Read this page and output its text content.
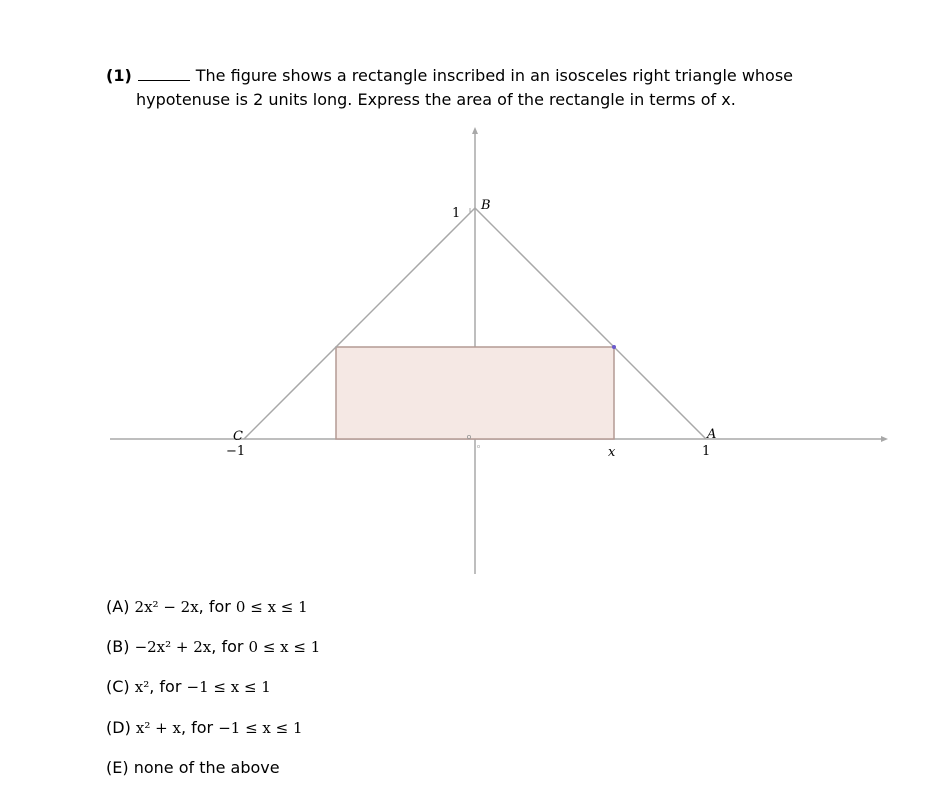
(1)	The figure shows a rectangle inscribed in an isosceles right triangle whose
hypotenuse is 2 units long. Express the area of the rectangle in terms of x.
B
1
C
−1
A
1
x
o
(A) 2x² − 2x, for 0 ≤ x ≤ 1
(B) −2x² + 2x, for 0 ≤ x ≤ 1
(C) x², for −1 ≤ x ≤ 1
(D) x² + x, for −1 ≤ x ≤ 1
(E) none of the above
